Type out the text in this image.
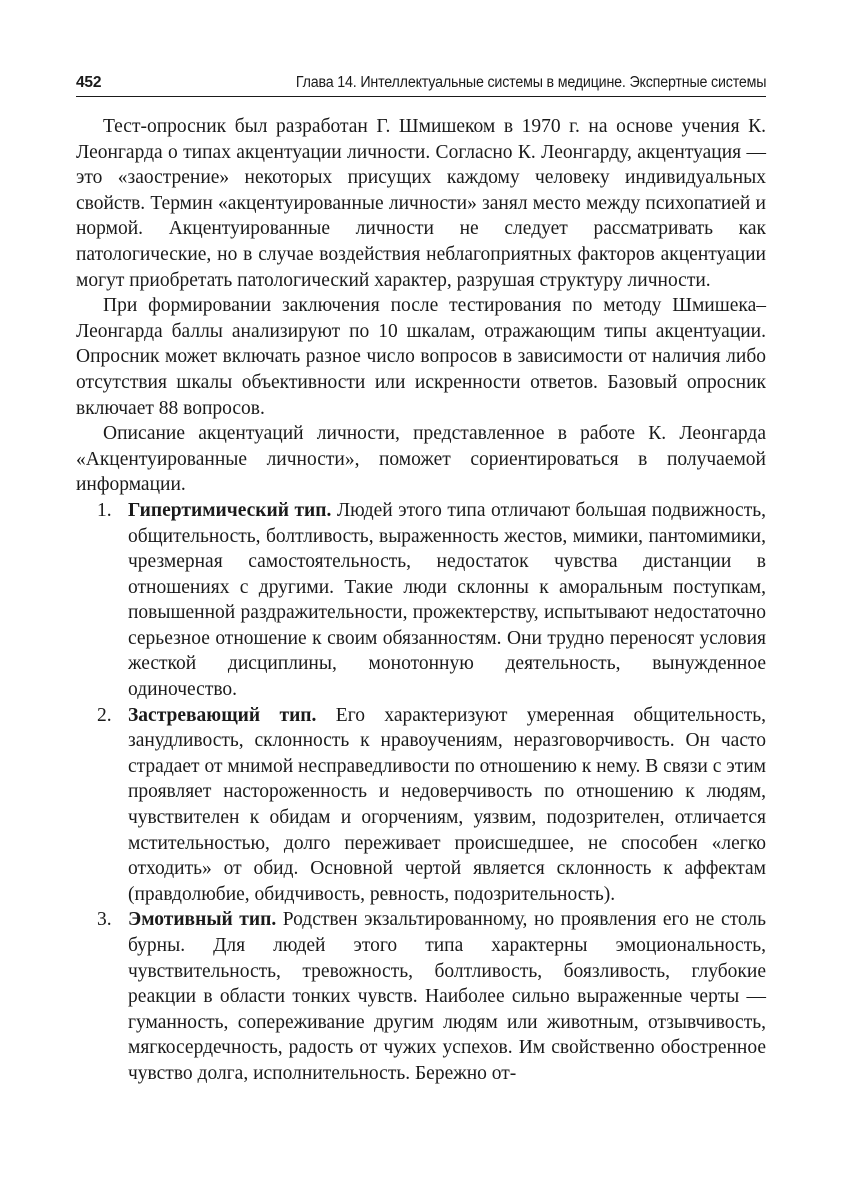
452	Глава 14. Интеллектуальные системы в медицине. Экспертные системы

Тест-опросник был разработан Г. Шмишеком в 1970 г. на основе учения К. Леонгарда о типах акцентуации личности. Согласно К. Леонгарду, акцентуация — это «заострение» некоторых присущих каждому человеку индивидуальных свойств. Термин «акцентуированные личности» занял место между психопатией и нормой. Акцентуированные личности не следует рассматривать как патологические, но в случае воздействия неблагоприятных факторов акцентуации могут приобретать патологический характер, разрушая структуру личности.

При формировании заключения после тестирования по методу Шмишека–Леонгарда баллы анализируют по 10 шкалам, отражающим типы акцентуации. Опросник может включать разное число вопросов в зависимости от наличия либо отсутствия шкалы объективности или искренности ответов. Базовый опросник включает 88 вопросов.

Описание акцентуаций личности, представленное в работе К. Леонгарда «Акцентуированные личности», поможет сориентироваться в получаемой информации.

1. Гипертимический тип. Людей этого типа отличают большая подвижность, общительность, болтливость, выраженность жестов, мимики, пантомимики, чрезмерная самостоятельность, недостаток чувства дистанции в отношениях с другими. Такие люди склонны к аморальным поступкам, повышенной раздражительности, прожектерству, испытывают недостаточно серьезное отношение к своим обязанностям. Они трудно переносят условия жесткой дисциплины, монотонную деятельность, вынужденное одиночество.
2. Застревающий тип. Его характеризуют умеренная общительность, занудливость, склонность к нравоучениям, неразговорчивость. Он часто страдает от мнимой несправедливости по отношению к нему. В связи с этим проявляет настороженность и недоверчивость по отношению к людям, чувствителен к обидам и огорчениям, уязвим, подозрителен, отличается мстительностью, долго переживает происшедшее, не способен «легко отходить» от обид. Основной чертой является склонность к аффектам (правдолюбие, обидчивость, ревность, подозрительность).
3. Эмотивный тип. Родствен экзальтированному, но проявления его не столь бурны. Для людей этого типа характерны эмоциональность, чувствительность, тревожность, болтливость, боязливость, глубокие реакции в области тонких чувств. Наиболее сильно выраженные черты — гуманность, сопереживание другим людям или животным, отзывчивость, мягкосердечность, радость от чужих успехов. Им свойственно обостренное чувство долга, исполнительность. Бережно от-
